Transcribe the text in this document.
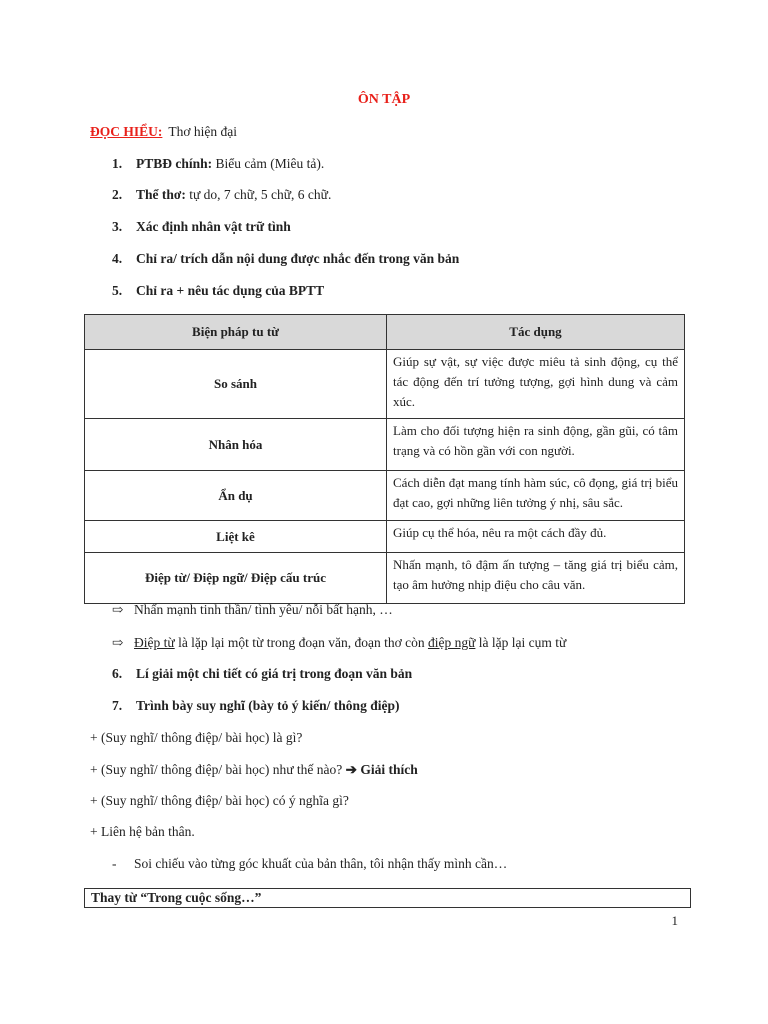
ÔN TẬP
ĐỌC HIỂU: Thơ hiện đại
1. PTBĐ chính: Biểu cảm (Miêu tả).
2. Thể thơ: tự do, 7 chữ, 5 chữ, 6 chữ.
3. Xác định nhân vật trữ tình
4. Chỉ ra/ trích dẫn nội dung được nhắc đến trong văn bản
5. Chỉ ra + nêu tác dụng của BPTT
Biện pháp tu từ	Tác dụng
So sánh	Giúp sự vật, sự việc được miêu tả sinh động, cụ thể tác động đến trí tưởng tượng, gợi hình dung và cảm xúc.
Nhân hóa	Làm cho đối tượng hiện ra sinh động, gần gũi, có tâm trạng và có hồn gần với con người.
Ẩn dụ	Cách diễn đạt mang tính hàm súc, cô đọng, giá trị biểu đạt cao, gợi những liên tưởng ý nhị, sâu sắc.
Liệt kê	Giúp cụ thể hóa, nêu ra một cách đầy đủ.
Điệp từ/ Điệp ngữ/ Điệp cấu trúc	Nhấn mạnh, tô đậm ấn tượng – tăng giá trị biểu cảm, tạo âm hưởng nhịp điệu cho câu văn.
⇨ Nhấn mạnh tinh thần/ tình yêu/ nỗi bất hạnh, …
⇨ Điệp từ là lặp lại một từ trong đoạn văn, đoạn thơ còn điệp ngữ là lặp lại cụm từ
6. Lí giải một chi tiết có giá trị trong đoạn văn bản
7. Trình bày suy nghĩ (bày tỏ ý kiến/ thông điệp)
+ (Suy nghĩ/ thông điệp/ bài học) là gì?
+ (Suy nghĩ/ thông điệp/ bài học) như thế nào? ➔ Giải thích
+ (Suy nghĩ/ thông điệp/ bài học) có ý nghĩa gì?
+ Liên hệ bản thân.
- Soi chiếu vào từng góc khuất của bản thân, tôi nhận thấy mình cần…
Thay từ “Trong cuộc sống…”
1
